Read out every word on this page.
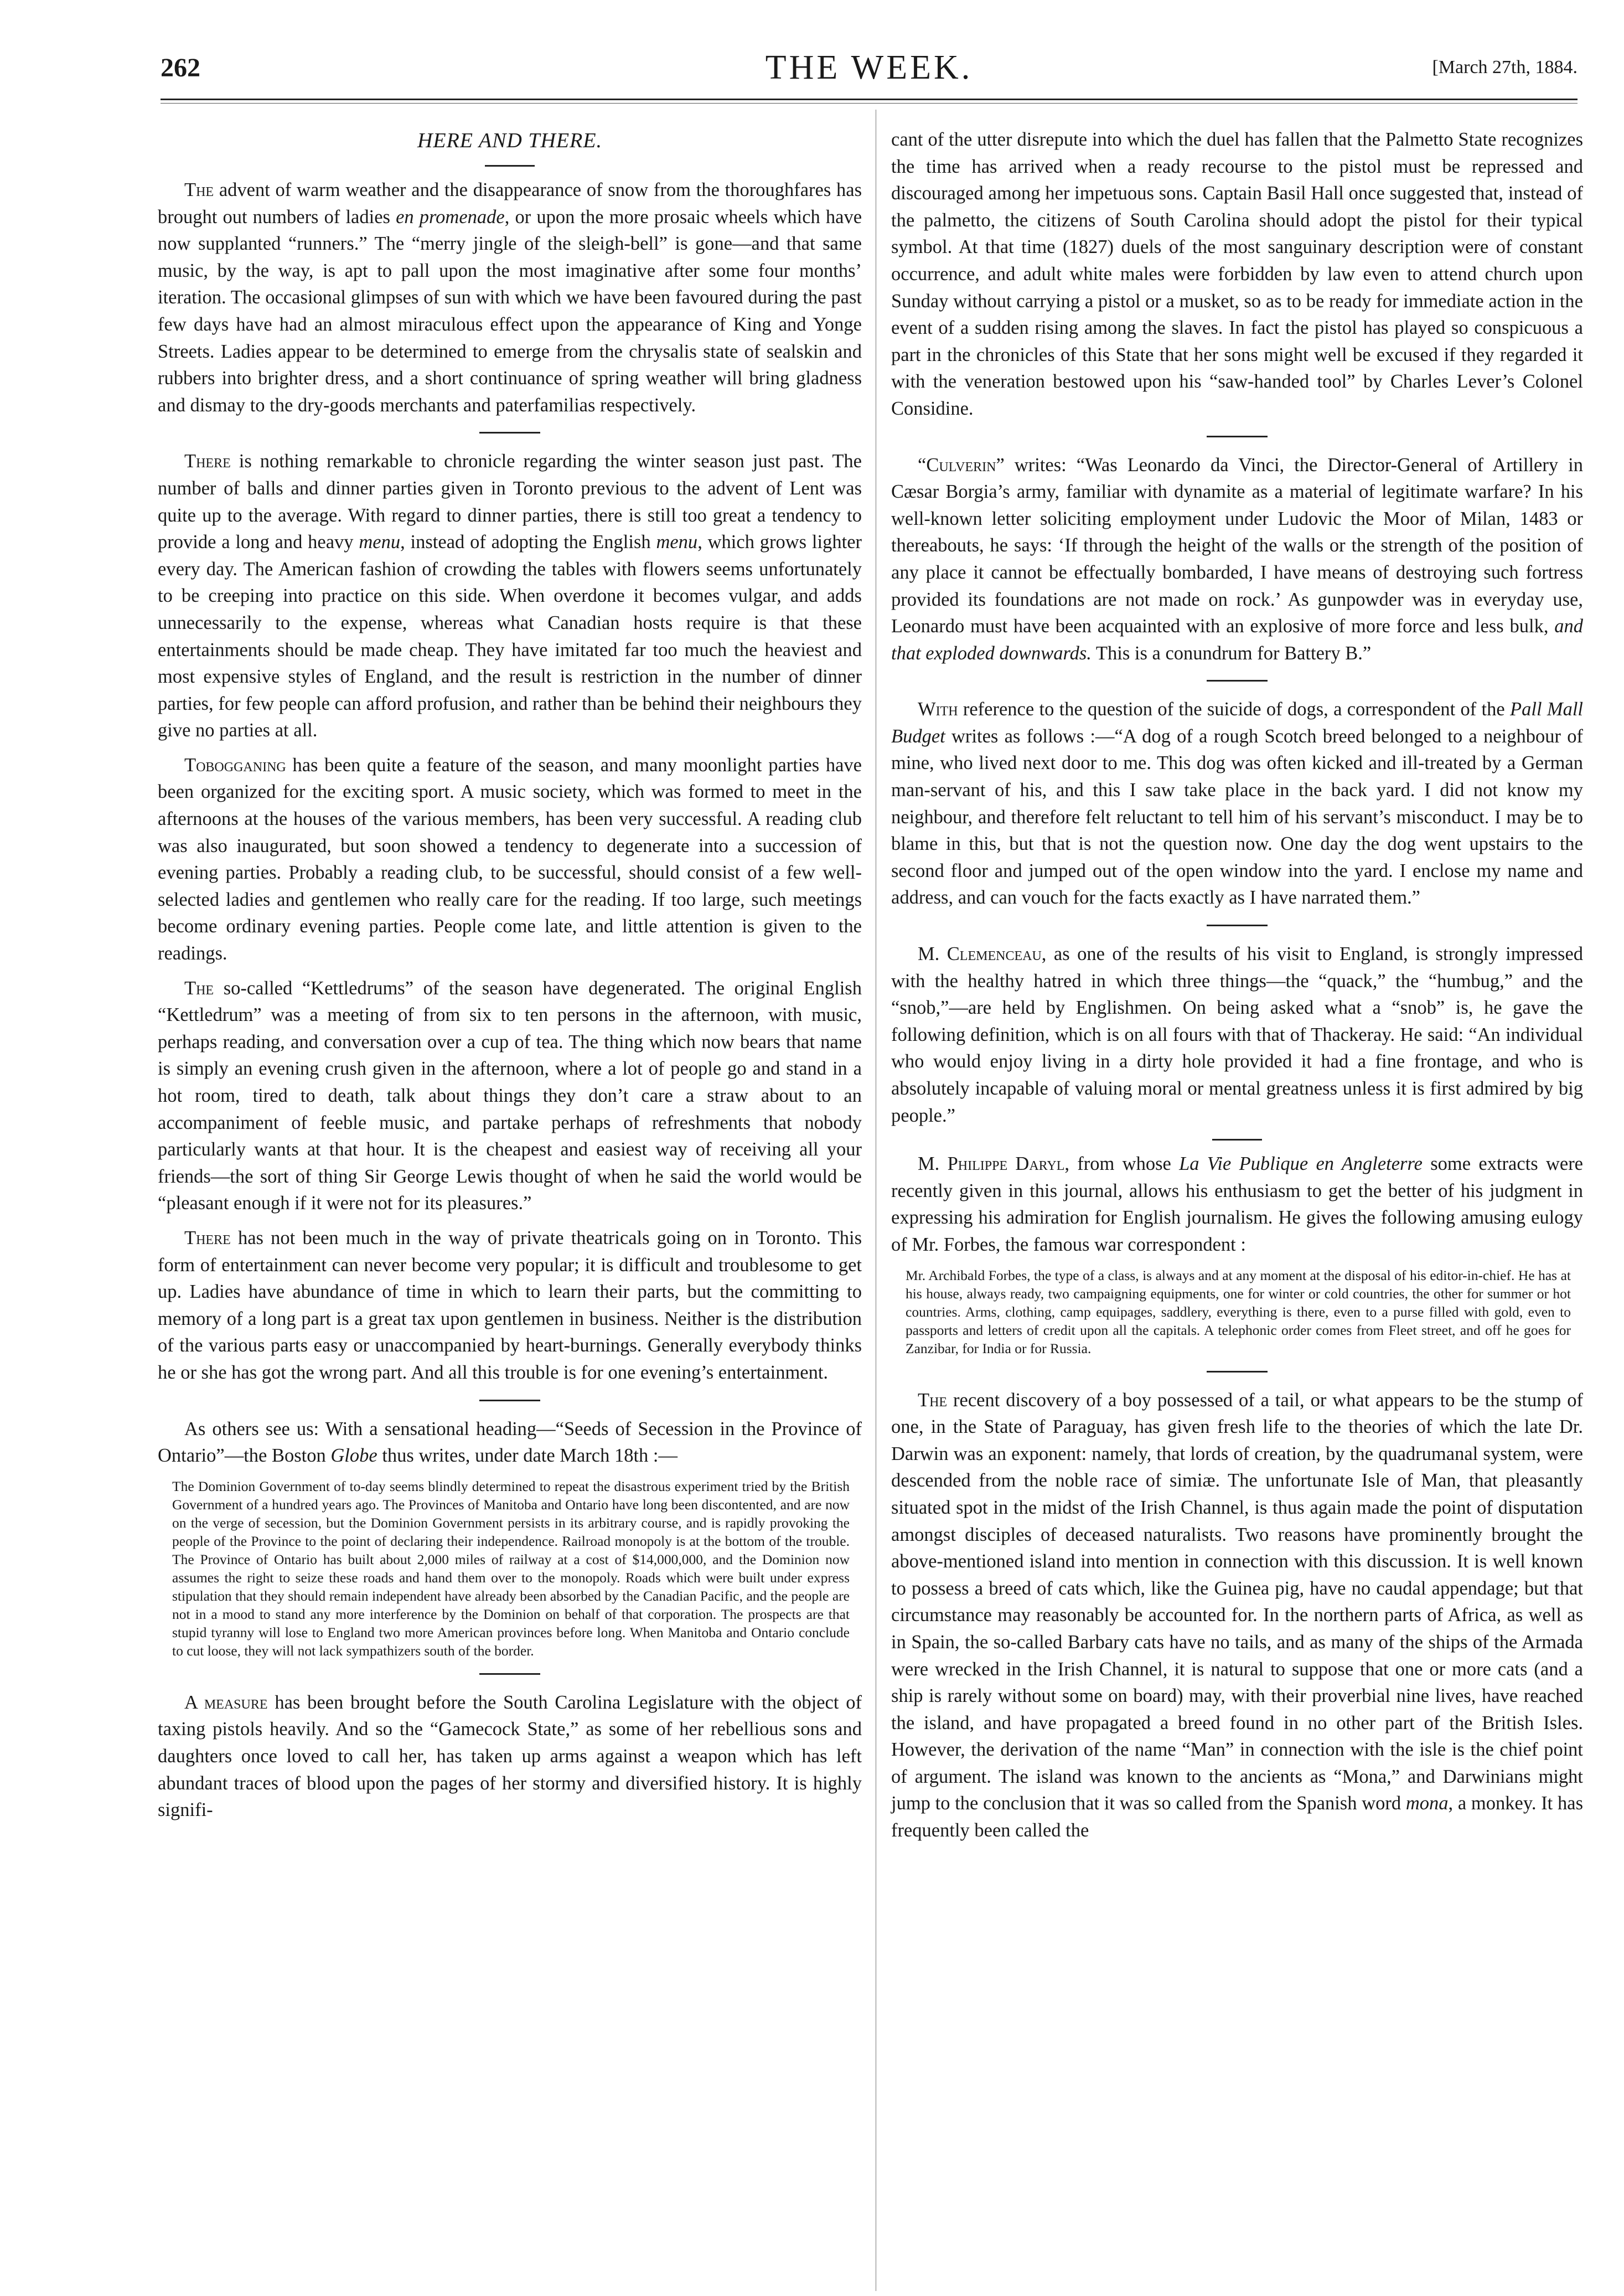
262	THE WEEK.	[March 27th, 1884.
HERE AND THERE.

The advent of warm weather and the disappearance of snow from the thoroughfares has brought out numbers of ladies en promenade, or upon the more prosaic wheels which have now supplanted “runners.” The “merry jingle of the sleigh-bell” is gone—and that same music, by the way, is apt to pall upon the most imaginative after some four months’ iteration. The occasional glimpses of sun with which we have been favoured during the past few days have had an almost miraculous effect upon the appearance of King and Yonge Streets. Ladies appear to be determined to emerge from the chrysalis state of sealskin and rubbers into brighter dress, and a short continuance of spring weather will bring gladness and dismay to the dry-goods merchants and paterfamilias respectively.

There is nothing remarkable to chronicle regarding the winter season just past. The number of balls and dinner parties given in Toronto previous to the advent of Lent was quite up to the average. With regard to dinner parties, there is still too great a tendency to provide a long and heavy menu, instead of adopting the English menu, which grows lighter every day. The American fashion of crowding the tables with flowers seems unfortunately to be creeping into practice on this side. When overdone it becomes vulgar, and adds unnecessarily to the expense, whereas what Canadian hosts require is that these entertainments should be made cheap. They have imitated far too much the heaviest and most expensive styles of England, and the result is restriction in the number of dinner parties, for few people can afford profusion, and rather than be behind their neighbours they give no parties at all.

Tobogganing has been quite a feature of the season, and many moonlight parties have been organized for the exciting sport. A music society, which was formed to meet in the afternoons at the houses of the various members, has been very successful. A reading club was also inaugurated, but soon showed a tendency to degenerate into a succession of evening parties. Probably a reading club, to be successful, should consist of a few well-selected ladies and gentlemen who really care for the reading. If too large, such meetings become ordinary evening parties. People come late, and little attention is given to the readings.

The so-called “Kettledrums” of the season have degenerated. The original English “Kettledrum” was a meeting of from six to ten persons in the afternoon, with music, perhaps reading, and conversation over a cup of tea. The thing which now bears that name is simply an evening crush given in the afternoon, where a lot of people go and stand in a hot room, tired to death, talk about things they don’t care a straw about to an accompaniment of feeble music, and partake perhaps of refreshments that nobody particularly wants at that hour. It is the cheapest and easiest way of receiving all your friends—the sort of thing Sir George Lewis thought of when he said the world would be “pleasant enough if it were not for its pleasures.”

There has not been much in the way of private theatricals going on in Toronto. This form of entertainment can never become very popular; it is difficult and troublesome to get up. Ladies have abundance of time in which to learn their parts, but the committing to memory of a long part is a great tax upon gentlemen in business. Neither is the distribution of the various parts easy or unaccompanied by heart-burnings. Generally everybody thinks he or she has got the wrong part. And all this trouble is for one evening’s entertainment.

As others see us: With a sensational heading—“Seeds of Secession in the Province of Ontario”—the Boston Globe thus writes, under date March 18th :—

The Dominion Government of to-day seems blindly determined to repeat the disastrous experiment tried by the British Government of a hundred years ago. The Provinces of Manitoba and Ontario have long been discontented, and are now on the verge of secession, but the Dominion Government persists in its arbitrary course, and is rapidly provoking the people of the Province to the point of declaring their independence. Railroad monopoly is at the bottom of the trouble. The Province of Ontario has built about 2,000 miles of railway at a cost of $14,000,000, and the Dominion now assumes the right to seize these roads and hand them over to the monopoly. Roads which were built under express stipulation that they should remain independent have already been absorbed by the Canadian Pacific, and the people are not in a mood to stand any more interference by the Dominion on behalf of that corporation. The prospects are that stupid tyranny will lose to England two more American provinces before long. When Manitoba and Ontario conclude to cut loose, they will not lack sympathizers south of the border.

A measure has been brought before the South Carolina Legislature with the object of taxing pistols heavily. And so the “Gamecock State,” as some of her rebellious sons and daughters once loved to call her, has taken up arms against a weapon which has left abundant traces of blood upon the pages of her stormy and diversified history. It is highly signifi-

cant of the utter disrepute into which the duel has fallen that the Palmetto State recognizes the time has arrived when a ready recourse to the pistol must be repressed and discouraged among her impetuous sons. Captain Basil Hall once suggested that, instead of the palmetto, the citizens of South Carolina should adopt the pistol for their typical symbol. At that time (1827) duels of the most sanguinary description were of constant occurrence, and adult white males were forbidden by law even to attend church upon Sunday without carrying a pistol or a musket, so as to be ready for immediate action in the event of a sudden rising among the slaves. In fact the pistol has played so conspicuous a part in the chronicles of this State that her sons might well be excused if they regarded it with the veneration bestowed upon his “saw-handed tool” by Charles Lever’s Colonel Considine.

“Culverin” writes: “Was Leonardo da Vinci, the Director-General of Artillery in Cæsar Borgia’s army, familiar with dynamite as a material of legitimate warfare? In his well-known letter soliciting employment under Ludovic the Moor of Milan, 1483 or thereabouts, he says: ‘If through the height of the walls or the strength of the position of any place it cannot be effectually bombarded, I have means of destroying such fortress provided its foundations are not made on rock.’ As gunpowder was in everyday use, Leonardo must have been acquainted with an explosive of more force and less bulk, and that exploded downwards. This is a conundrum for Battery B.”

With reference to the question of the suicide of dogs, a correspondent of the Pall Mall Budget writes as follows :—“A dog of a rough Scotch breed belonged to a neighbour of mine, who lived next door to me. This dog was often kicked and ill-treated by a German man-servant of his, and this I saw take place in the back yard. I did not know my neighbour, and therefore felt reluctant to tell him of his servant’s misconduct. I may be to blame in this, but that is not the question now. One day the dog went upstairs to the second floor and jumped out of the open window into the yard. I enclose my name and address, and can vouch for the facts exactly as I have narrated them.”

M. Clemenceau, as one of the results of his visit to England, is strongly impressed with the healthy hatred in which three things—the “quack,” the “humbug,” and the “snob,”—are held by Englishmen. On being asked what a “snob” is, he gave the following definition, which is on all fours with that of Thackeray. He said: “An individual who would enjoy living in a dirty hole provided it had a fine frontage, and who is absolutely incapable of valuing moral or mental greatness unless it is first admired by big people.”

M. Philippe Daryl, from whose La Vie Publique en Angleterre some extracts were recently given in this journal, allows his enthusiasm to get the better of his judgment in expressing his admiration for English journalism. He gives the following amusing eulogy of Mr. Forbes, the famous war correspondent :

Mr. Archibald Forbes, the type of a class, is always and at any moment at the disposal of his editor-in-chief. He has at his house, always ready, two campaigning equipments, one for winter or cold countries, the other for summer or hot countries. Arms, clothing, camp equipages, saddlery, everything is there, even to a purse filled with gold, even to passports and letters of credit upon all the capitals. A telephonic order comes from Fleet street, and off he goes for Zanzibar, for India or for Russia.

The recent discovery of a boy possessed of a tail, or what appears to be the stump of one, in the State of Paraguay, has given fresh life to the theories of which the late Dr. Darwin was an exponent: namely, that lords of creation, by the quadrumanal system, were descended from the noble race of simiæ. The unfortunate Isle of Man, that pleasantly situated spot in the midst of the Irish Channel, is thus again made the point of disputation amongst disciples of deceased naturalists. Two reasons have prominently brought the above-mentioned island into mention in connection with this discussion. It is well known to possess a breed of cats which, like the Guinea pig, have no caudal appendage; but that circumstance may reasonably be accounted for. In the northern parts of Africa, as well as in Spain, the so-called Barbary cats have no tails, and as many of the ships of the Armada were wrecked in the Irish Channel, it is natural to suppose that one or more cats (and a ship is rarely without some on board) may, with their proverbial nine lives, have reached the island, and have propagated a breed found in no other part of the British Isles. However, the derivation of the name “Man” in connection with the isle is the chief point of argument. The island was known to the ancients as “Mona,” and Darwinians might jump to the conclusion that it was so called from the Spanish word mona, a monkey. It has frequently been called the
